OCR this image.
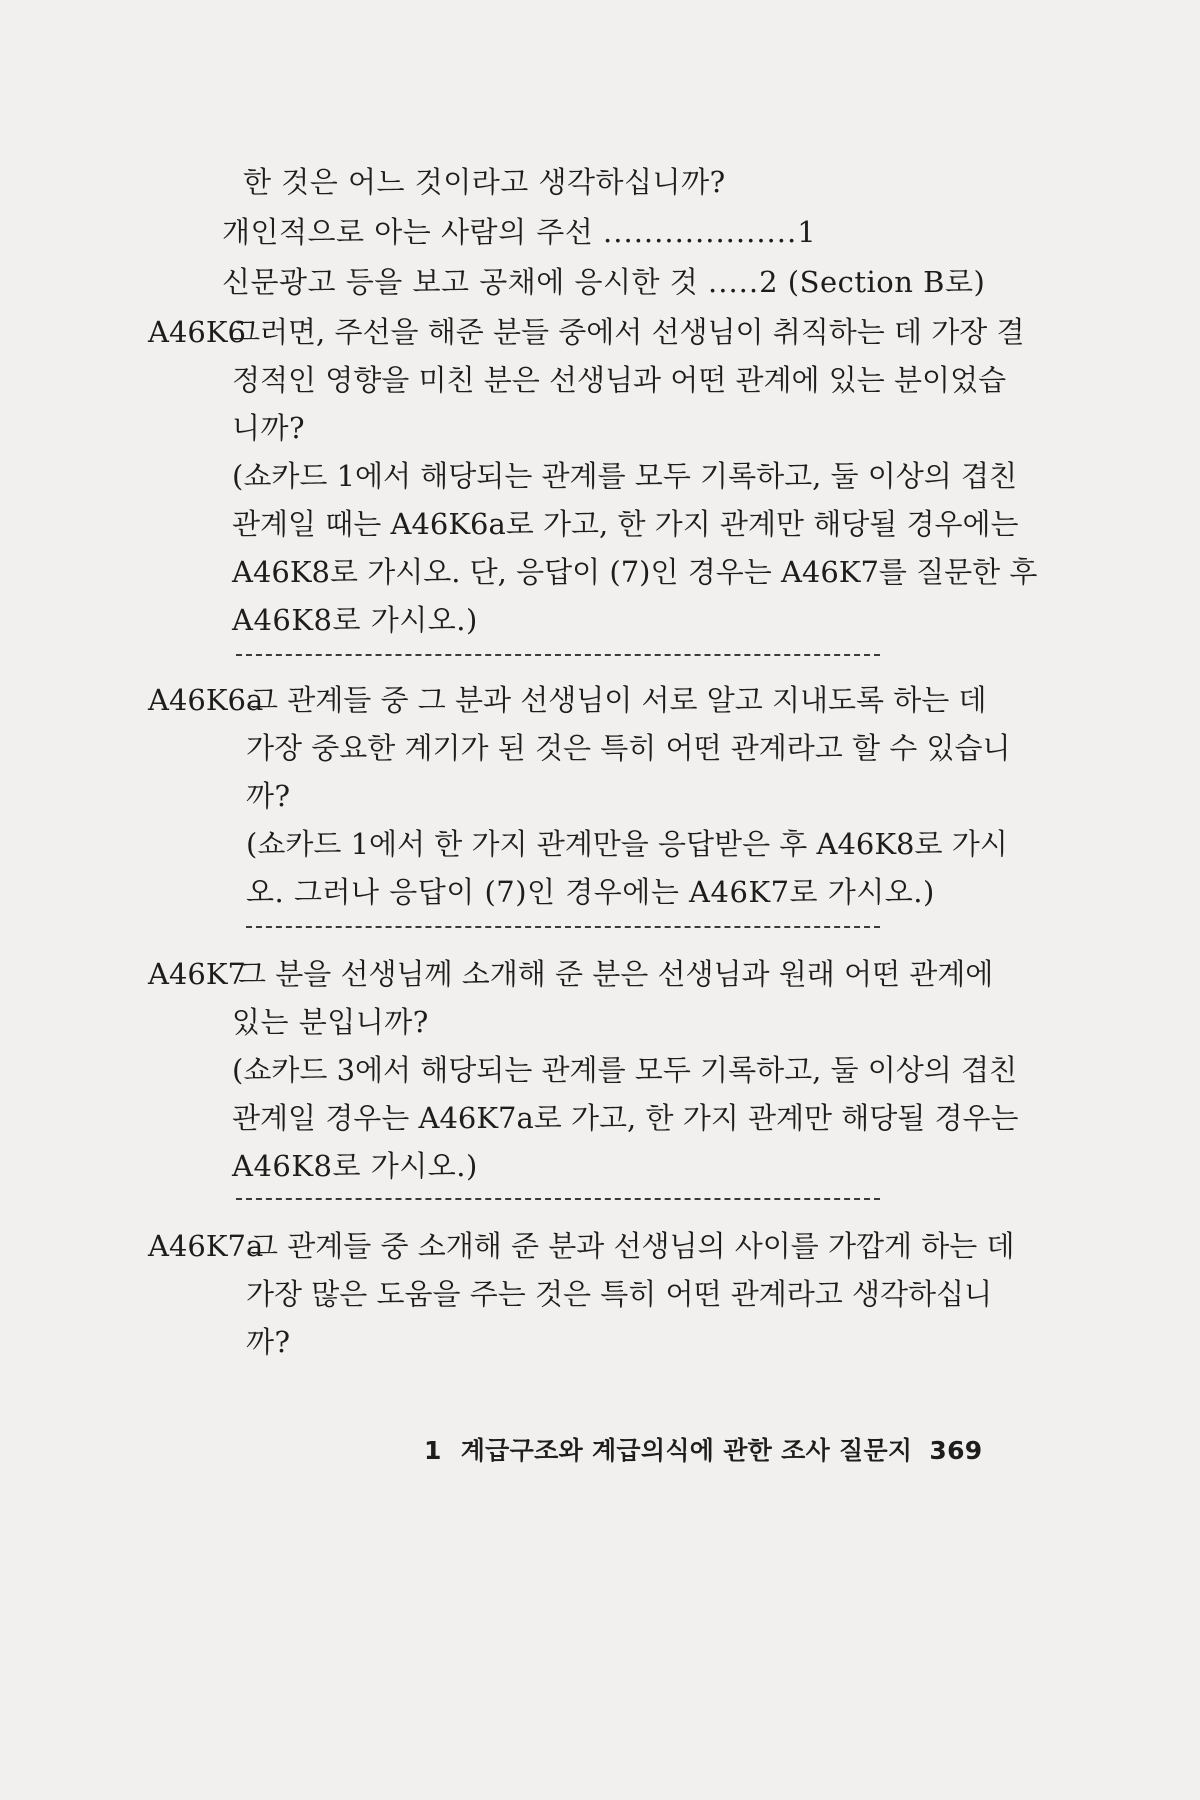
한 것은 어느 것이라고 생각하십니까?
개인적으로 아는 사람의 주선 ...................1
신문광고 등을 보고 공채에 응시한 것 .....2 (Section B로)
A46K6
그러면, 주선을 해준 분들 중에서 선생님이 취직하는 데 가장 결
정적인 영향을 미친 분은 선생님과 어떤 관계에 있는 분이었습
니까?
(쇼카드 1에서 해당되는 관계를 모두 기록하고, 둘 이상의 겹친
관계일 때는 A46K6a로 가고, 한 가지 관계만 해당될 경우에는
A46K8로 가시오. 단, 응답이 (7)인 경우는 A46K7를 질문한 후
A46K8로 가시오.)
A46K6a
그 관계들 중 그 분과 선생님이 서로 알고 지내도록 하는 데
가장 중요한 계기가 된 것은 특히 어떤 관계라고 할 수 있습니
까?
(쇼카드 1에서 한 가지 관계만을 응답받은 후 A46K8로 가시
오. 그러나 응답이 (7)인 경우에는 A46K7로 가시오.)
A46K7
그 분을 선생님께 소개해 준 분은 선생님과 원래 어떤 관계에
있는 분입니까?
(쇼카드 3에서 해당되는 관계를 모두 기록하고, 둘 이상의 겹친
관계일 경우는 A46K7a로 가고, 한 가지 관계만 해당될 경우는
A46K8로 가시오.)
A46K7a
그 관계들 중 소개해 준 분과 선생님의 사이를 가깝게 하는 데
가장 많은 도움을 주는 것은 특히 어떤 관계라고 생각하십니
까?
1 계급구조와 계급의식에 관한 조사 질문지 369
